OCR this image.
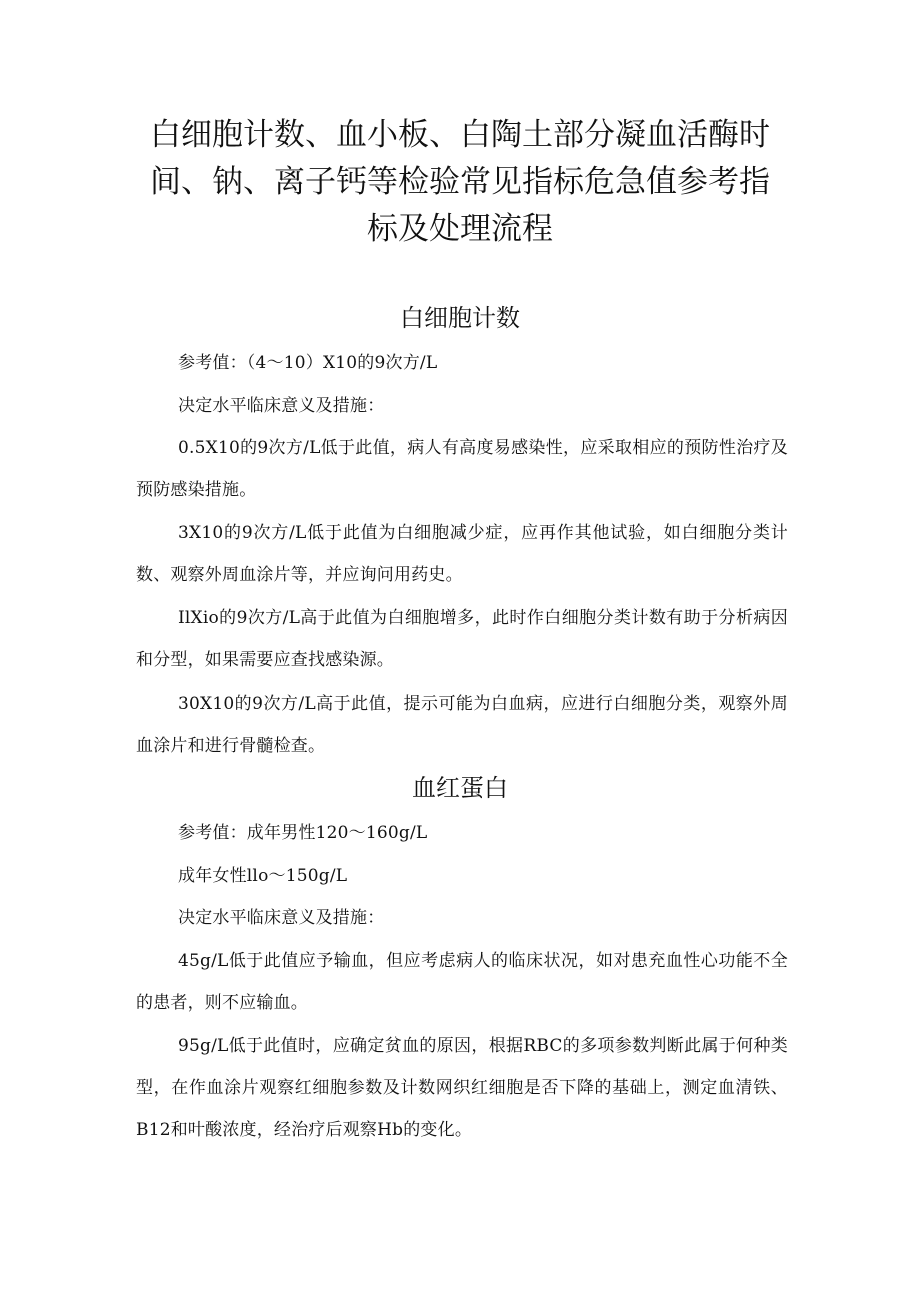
白细胞计数、血小板、白陶土部分凝血活酶时间、钠、离子钙等检验常见指标危急值参考指标及处理流程
白细胞计数

参考值：（4～10）X10的9次方/L

决定水平临床意义及措施：

0.5X10的9次方/L低于此值，病人有高度易感染性，应采取相应的预防性治疗及预防感染措施。

3X10的9次方/L低于此值为白细胞减少症，应再作其他试验，如白细胞分类计数、观察外周血涂片等，并应询问用药史。

IlXio的9次方/L高于此值为白细胞增多，此时作白细胞分类计数有助于分析病因和分型，如果需要应查找感染源。

30X10的9次方/L高于此值，提示可能为白血病，应进行白细胞分类，观察外周血涂片和进行骨髓检查。

血红蛋白

参考值：成年男性120～160g/L

成年女性llo～150g/L

决定水平临床意义及措施：

45g/L低于此值应予输血，但应考虑病人的临床状况，如对患充血性心功能不全的患者，则不应输血。

95g/L低于此值时，应确定贫血的原因，根据RBC的多项参数判断此属于何种类型，在作血涂片观察红细胞参数及计数网织红细胞是否下降的基础上，测定血清铁、B12和叶酸浓度，经治疗后观察Hb的变化。
